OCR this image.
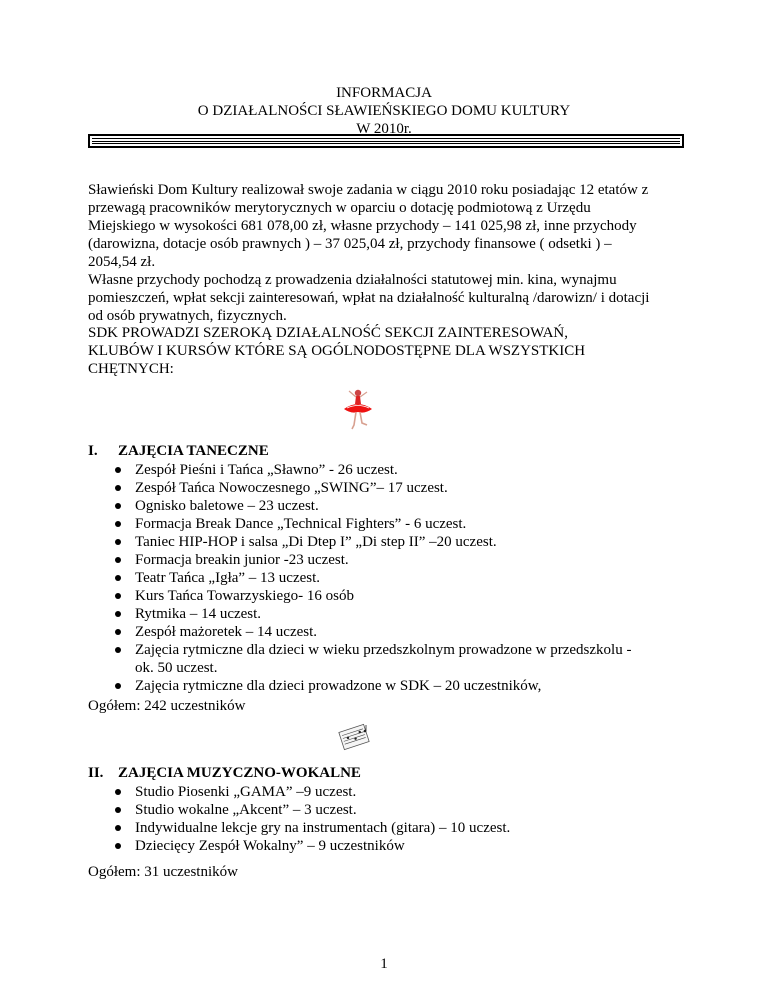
INFORMACJA
O DZIAŁALNOŚCI SŁAWIEŃSKIEGO DOMU KULTURY
W 2010r.
Sławieński Dom Kultury realizował swoje zadania w ciągu 2010 roku posiadając 12 etatów z
przewagą pracowników merytorycznych w oparciu o dotację podmiotową z Urzędu
Miejskiego w wysokości 681 078,00 zł, własne przychody – 141 025,98 zł, inne przychody
(darowizna, dotacje osób prawnych ) – 37 025,04 zł, przychody finansowe ( odsetki ) –
2054,54 zł.
Własne przychody pochodzą z prowadzenia działalności statutowej min. kina, wynajmu
pomieszczeń, wpłat sekcji zainteresowań, wpłat na działalność kulturalną /darowizn/ i dotacji
od osób prywatnych, fizycznych.
SDK PROWADZI SZEROKĄ DZIAŁALNOŚĆ SEKCJI ZAINTERESOWAŃ,
KLUBÓW I KURSÓW KTÓRE SĄ OGÓLNODOSTĘPNE DLA WSZYSTKICH
CHĘTNYCH:
I. ZAJĘCIA TANECZNE
Zespół Pieśni i Tańca „Sławno” - 26 uczest.
Zespół Tańca Nowoczesnego „SWING”– 17 uczest.
Ognisko baletowe – 23 uczest.
Formacja Break Dance „Technical Fighters” - 6 uczest.
Taniec HIP-HOP i salsa „Di Dtep I” „Di step II” –20 uczest.
Formacja breakin junior -23 uczest.
Teatr Tańca „Igła” – 13 uczest.
Kurs Tańca Towarzyskiego- 16 osób
Rytmika – 14 uczest.
Zespół mażoretek – 14 uczest.
Zajęcia rytmiczne dla dzieci w wieku przedszkolnym prowadzone w przedszkolu -
ok. 50 uczest.
Zajęcia rytmiczne dla dzieci prowadzone w SDK – 20 uczestników,
Ogółem: 242 uczestników
II. ZAJĘCIA MUZYCZNO-WOKALNE
Studio Piosenki „GAMA” –9 uczest.
Studio wokalne „Akcent” – 3 uczest.
Indywidualne lekcje gry na instrumentach (gitara) – 10 uczest.
Dziecięcy Zespół Wokalny” – 9 uczestników
Ogółem: 31 uczestników
1
